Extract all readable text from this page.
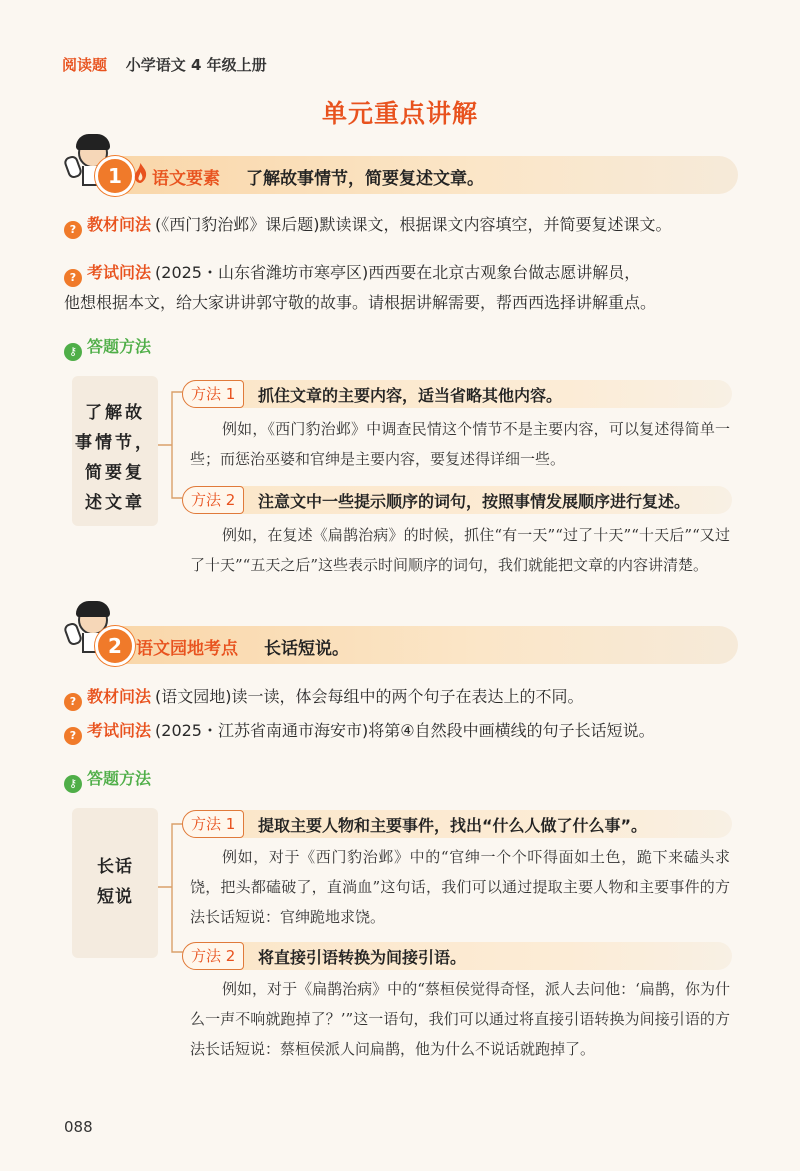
阅读题 小学语文 4 年级上册
单元重点讲解
1	语文要素 了解故事情节，简要复述文章。
? 教材问法 (《西门豹治邺》课后题)默读课文，根据课文内容填空，并简要复述课文。
? 考试问法 (2025・山东省潍坊市寒亭区)西西要在北京古观象台做志愿讲解员，
他想根据本文，给大家讲讲郭守敬的故事。请根据讲解需要，帮西西选择讲解重点。
⚷ 答题方法
了解故
事情节，
简要复
述文章
方法 1	抓住文章的主要内容，适当省略其他内容。
例如，《西门豹治邺》中调查民情这个情节不是主要内容，可以复述得简单一些；而惩治巫婆和官绅是主要内容，要复述得详细一些。
方法 2	注意文中一些提示顺序的词句，按照事情发展顺序进行复述。
例如，在复述《扁鹊治病》的时候，抓住“有一天”“过了十天”“十天后”“又过了十天”“五天之后”这些表示时间顺序的词句，我们就能把文章的内容讲清楚。
2 语文园地考点 长话短说。
? 教材问法 (语文园地)读一读，体会每组中的两个句子在表达上的不同。
? 考试问法 (2025・江苏省南通市海安市)将第④自然段中画横线的句子长话短说。
⚷ 答题方法
长话
短说
方法 1	提取主要人物和主要事件，找出“什么人做了什么事”。
例如，对于《西门豹治邺》中的“官绅一个个吓得面如土色，跪下来磕头求饶，把头都磕破了，直淌血”这句话，我们可以通过提取主要人物和主要事件的方法长话短说：官绅跪地求饶。
方法 2	将直接引语转换为间接引语。
例如，对于《扁鹊治病》中的“蔡桓侯觉得奇怪，派人去问他：‘扁鹊，你为什么一声不响就跑掉了？’”这一语句，我们可以通过将直接引语转换为间接引语的方法长话短说：蔡桓侯派人问扁鹊，他为什么不说话就跑掉了。
088
